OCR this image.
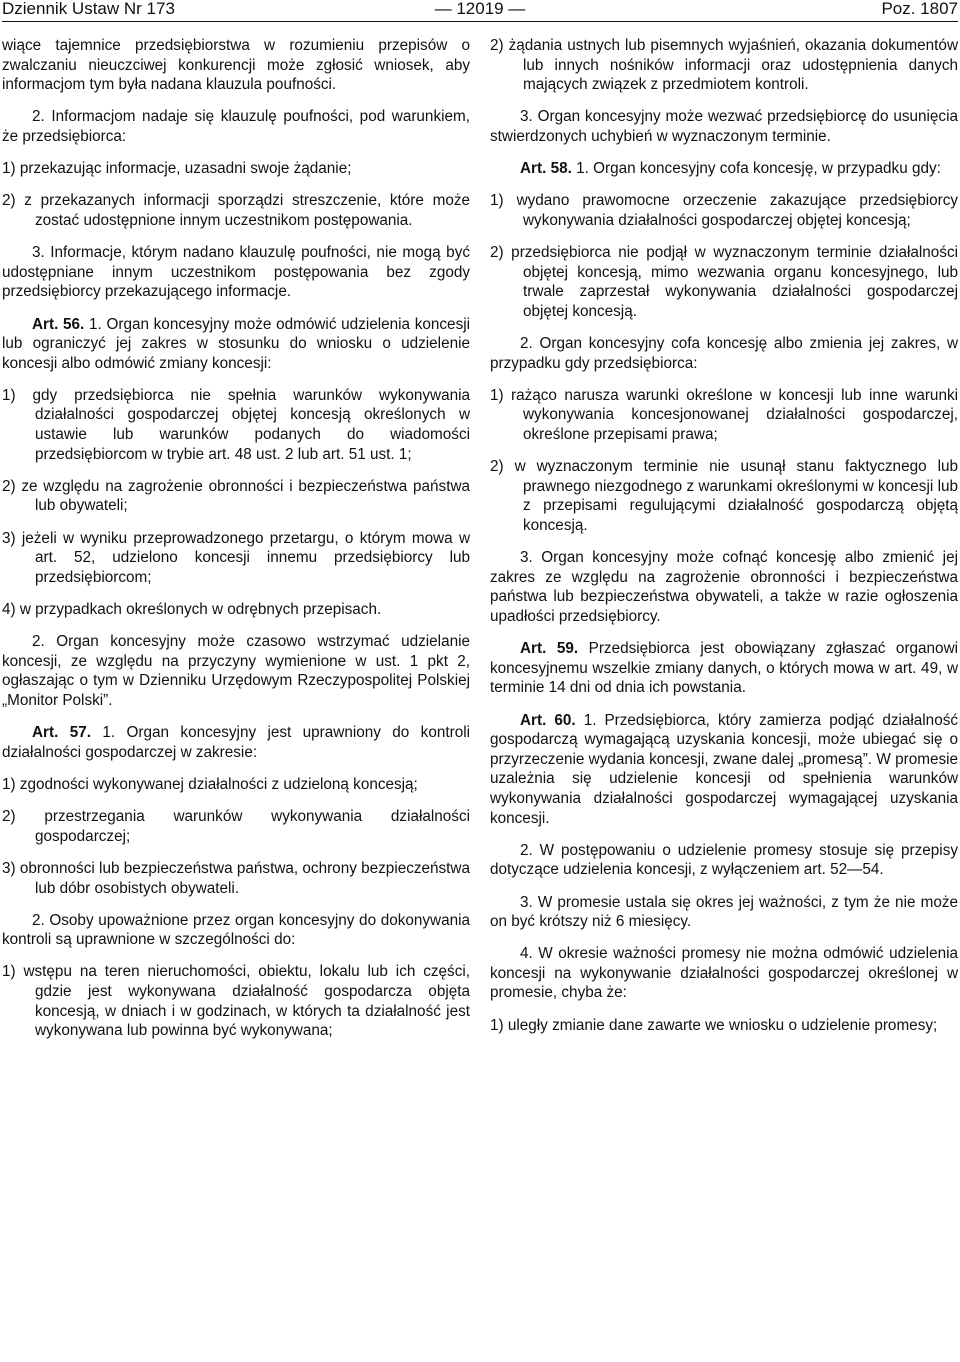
Dziennik Ustaw Nr 173	— 12019 —	Poz. 1807

wiące tajemnice przedsiębiorstwa w rozumieniu przepisów o zwalczaniu nieuczciwej konkurencji może zgłosić wniosek, aby informacjom tym była nadana klauzula poufności.

2. Informacjom nadaje się klauzulę poufności, pod warunkiem, że przedsiębiorca:

1) przekazując informacje, uzasadni swoje żądanie;

2) z przekazanych informacji sporządzi streszczenie, które może zostać udostępnione innym uczestnikom postępowania.

3. Informacje, którym nadano klauzulę poufności, nie mogą być udostępniane innym uczestnikom postępowania bez zgody przedsiębiorcy przekazującego informacje.

Art. 56. 1. Organ koncesyjny może odmówić udzielenia koncesji lub ograniczyć jej zakres w stosunku do wniosku o udzielenie koncesji albo odmówić zmiany koncesji:

1) gdy przedsiębiorca nie spełnia warunków wykonywania działalności gospodarczej objętej koncesją określonych w ustawie lub warunków podanych do wiadomości przedsiębiorcom w trybie art. 48 ust. 2 lub art. 51 ust. 1;

2) ze względu na zagrożenie obronności i bezpieczeństwa państwa lub obywateli;

3) jeżeli w wyniku przeprowadzonego przetargu, o którym mowa w art. 52, udzielono koncesji innemu przedsiębiorcy lub przedsiębiorcom;

4) w przypadkach określonych w odrębnych przepisach.

2. Organ koncesyjny może czasowo wstrzymać udzielanie koncesji, ze względu na przyczyny wymienione w ust. 1 pkt 2, ogłaszając o tym w Dzienniku Urzędowym Rzeczypospolitej Polskiej „Monitor Polski”.

Art. 57. 1. Organ koncesyjny jest uprawniony do kontroli działalności gospodarczej w zakresie:

1) zgodności wykonywanej działalności z udzieloną koncesją;

2) przestrzegania warunków wykonywania działalności gospodarczej;

3) obronności lub bezpieczeństwa państwa, ochrony bezpieczeństwa lub dóbr osobistych obywateli.

2. Osoby upoważnione przez organ koncesyjny do dokonywania kontroli są uprawnione w szczególności do:

1) wstępu na teren nieruchomości, obiektu, lokalu lub ich części, gdzie jest wykonywana działalność gospodarcza objęta koncesją, w dniach i w godzinach, w których ta działalność jest wykonywana lub powinna być wykonywana;

2) żądania ustnych lub pisemnych wyjaśnień, okazania dokumentów lub innych nośników informacji oraz udostępnienia danych mających związek z przedmiotem kontroli.

3. Organ koncesyjny może wezwać przedsiębiorcę do usunięcia stwierdzonych uchybień w wyznaczonym terminie.

Art. 58. 1. Organ koncesyjny cofa koncesję, w przypadku gdy:

1) wydano prawomocne orzeczenie zakazujące przedsiębiorcy wykonywania działalności gospodarczej objętej koncesją;

2) przedsiębiorca nie podjął w wyznaczonym terminie działalności objętej koncesją, mimo wezwania organu koncesyjnego, lub trwale zaprzestał wykonywania działalności gospodarczej objętej koncesją.

2. Organ koncesyjny cofa koncesję albo zmienia jej zakres, w przypadku gdy przedsiębiorca:

1) rażąco narusza warunki określone w koncesji lub inne warunki wykonywania koncesjonowanej działalności gospodarczej, określone przepisami prawa;

2) w wyznaczonym terminie nie usunął stanu faktycznego lub prawnego niezgodnego z warunkami określonymi w koncesji lub z przepisami regulującymi działalność gospodarczą objętą koncesją.

3. Organ koncesyjny może cofnąć koncesję albo zmienić jej zakres ze względu na zagrożenie obronności i bezpieczeństwa państwa lub bezpieczeństwa obywateli, a także w razie ogłoszenia upadłości przedsiębiorcy.

Art. 59. Przedsiębiorca jest obowiązany zgłaszać organowi koncesyjnemu wszelkie zmiany danych, o których mowa w art. 49, w terminie 14 dni od dnia ich powstania.

Art. 60. 1. Przedsiębiorca, który zamierza podjąć działalność gospodarczą wymagającą uzyskania koncesji, może ubiegać się o przyrzeczenie wydania koncesji, zwane dalej „promesą”. W promesie uzależnia się udzielenie koncesji od spełnienia warunków wykonywania działalności gospodarczej wymagającej uzyskania koncesji.

2. W postępowaniu o udzielenie promesy stosuje się przepisy dotyczące udzielenia koncesji, z wyłączeniem art. 52—54.

3. W promesie ustala się okres jej ważności, z tym że nie może on być krótszy niż 6 miesięcy.

4. W okresie ważności promesy nie można odmówić udzielenia koncesji na wykonywanie działalności gospodarczej określonej w promesie, chyba że:

1) uległy zmianie dane zawarte we wniosku o udzielenie promesy;
